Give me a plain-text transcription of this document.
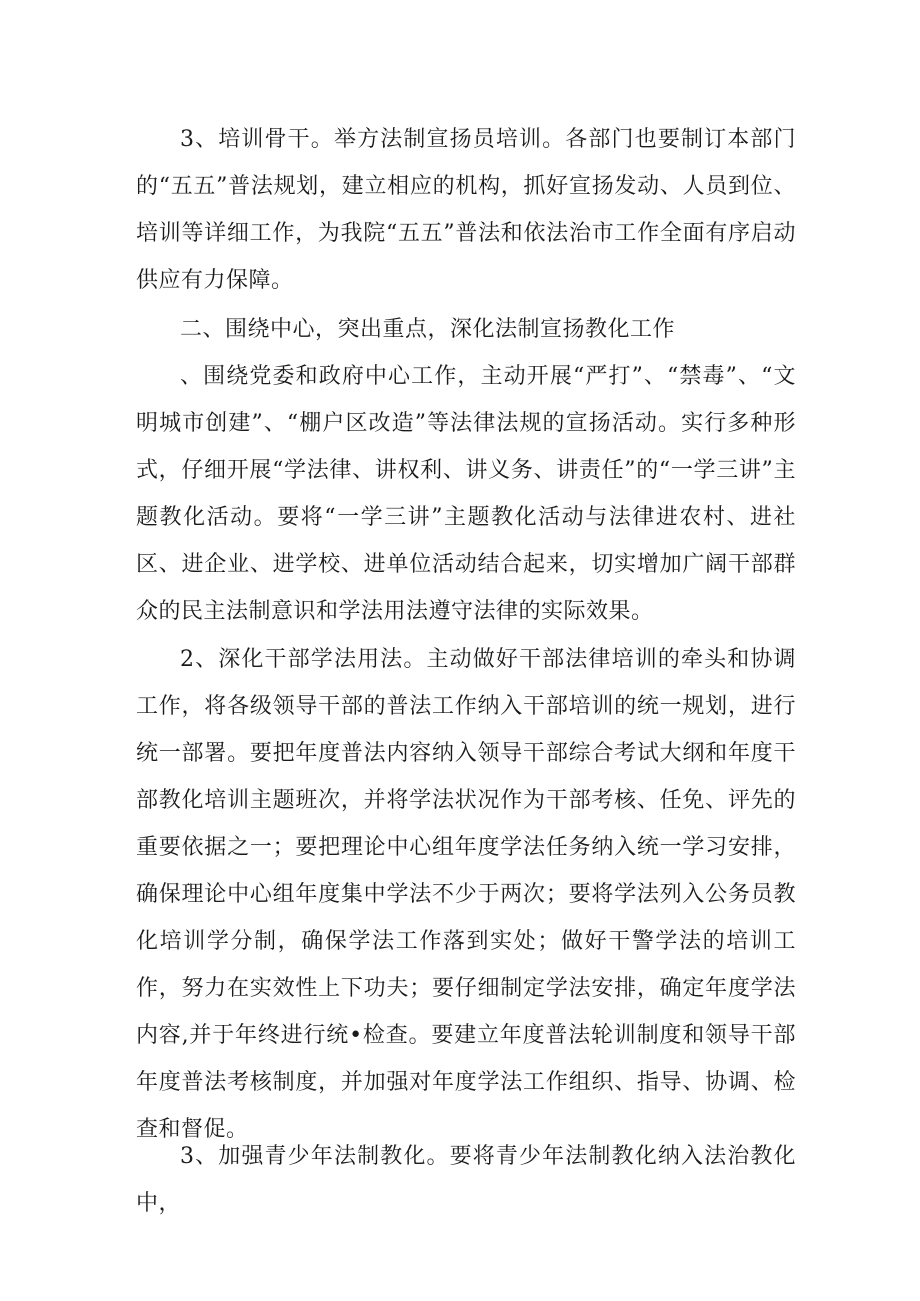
3、培训骨干。举方法制宣扬员培训。各部门也要制订本部门的“五五”普法规划，建立相应的机构，抓好宣扬发动、人员到位、培训等详细工作，为我院“五五”普法和依法治市工作全面有序启动供应有力保障。

二、围绕中心，突出重点，深化法制宣扬教化工作

、围绕党委和政府中心工作，主动开展“严打”、“禁毒”、“文明城市创建”、“棚户区改造”等法律法规的宣扬活动。实行多种形式，仔细开展“学法律、讲权利、讲义务、讲责任”的“一学三讲”主题教化活动。要将“一学三讲”主题教化活动与法律进农村、进社区、进企业、进学校、进单位活动结合起来，切实增加广阔干部群众的民主法制意识和学法用法遵守法律的实际效果。

2、深化干部学法用法。主动做好干部法律培训的牵头和协调工作，将各级领导干部的普法工作纳入干部培训的统一规划，进行统一部署。要把年度普法内容纳入领导干部综合考试大纲和年度干部教化培训主题班次，并将学法状况作为干部考核、任免、评先的重要依据之一；要把理论中心组年度学法任务纳入统一学习安排，确保理论中心组年度集中学法不少于两次；要将学法列入公务员教化培训学分制，确保学法工作落到实处；做好干警学法的培训工作，努力在实效性上下功夫；要仔细制定学法安排，确定年度学法内容,并于年终进行统•检查。要建立年度普法轮训制度和领导干部年度普法考核制度，并加强对年度学法工作组织、指导、协调、检查和督促。

3、加强青少年法制教化。要将青少年法制教化纳入法治教化中，
